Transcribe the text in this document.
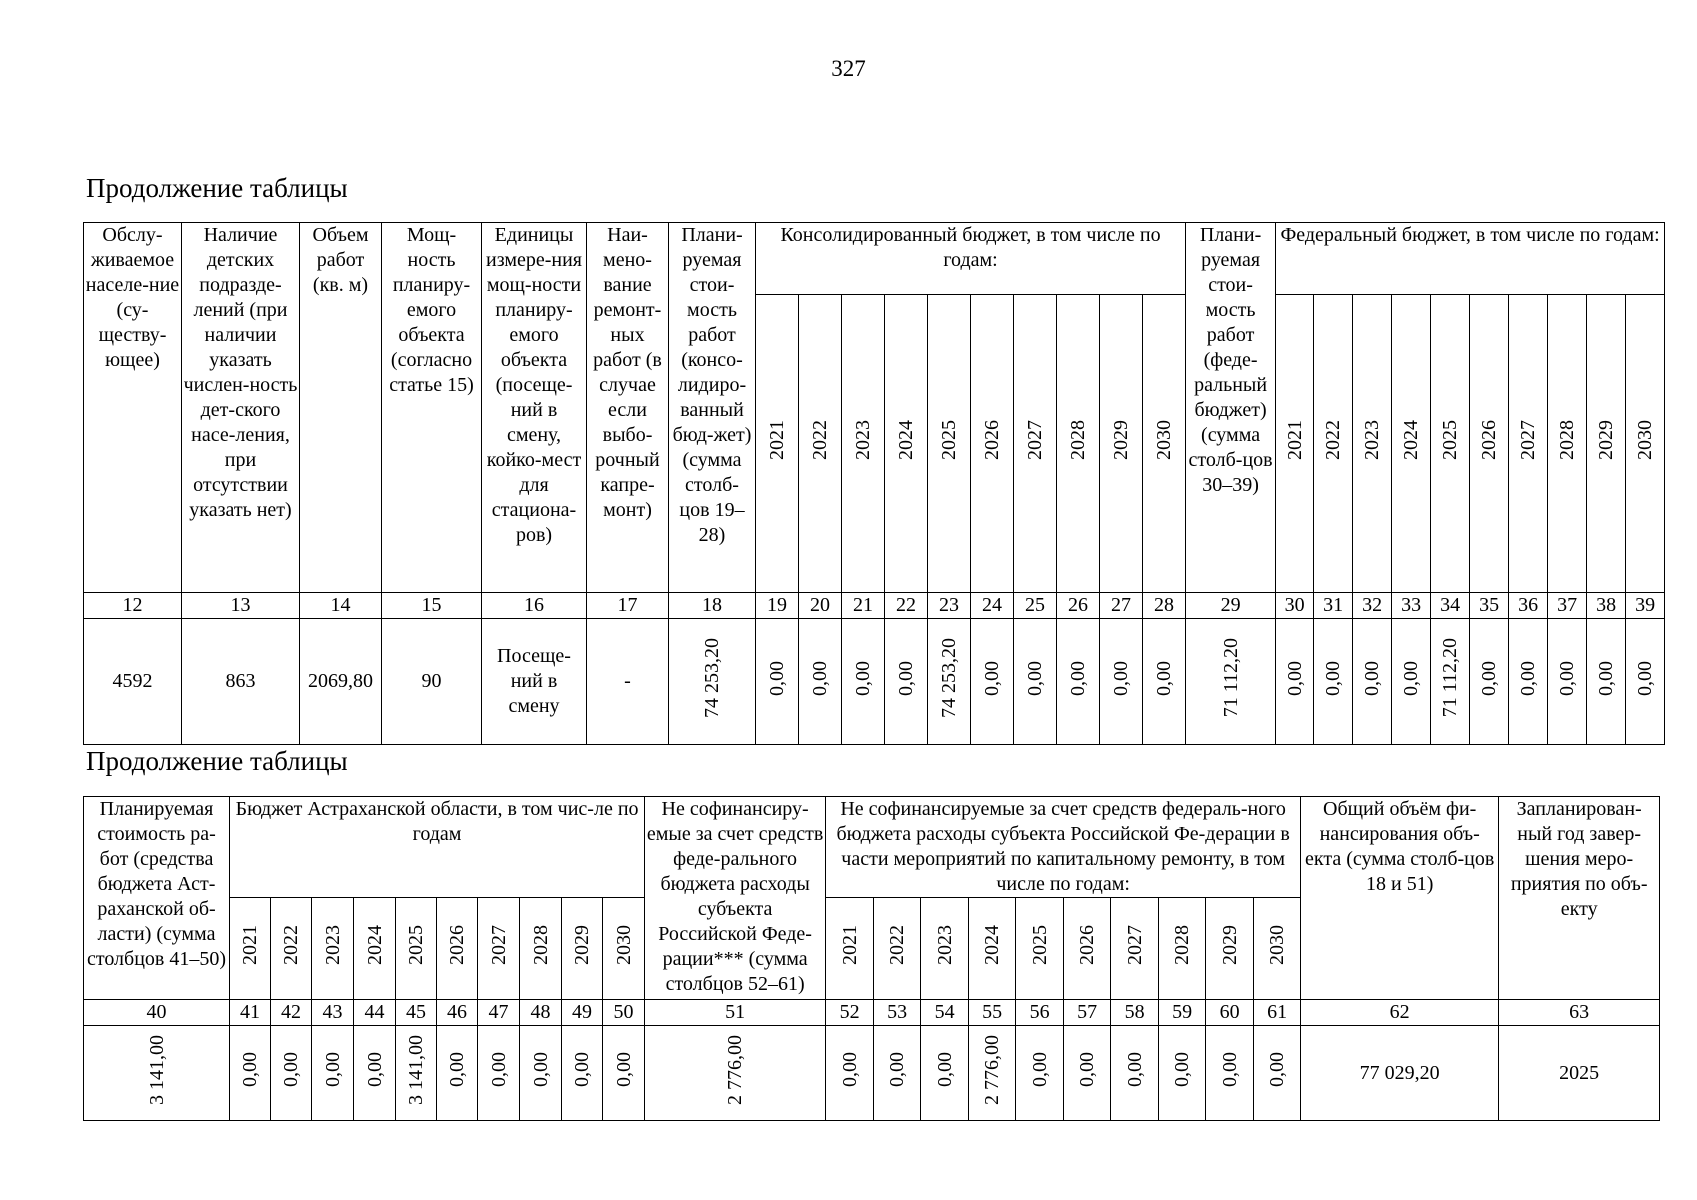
327
Продолжение таблицы
Обслу-живаемое населе-ние (су-ществу-ющее)	Наличие детских подразде-лений (при наличии указать числен-ность дет-ского насе-ления, при отсутствии указать нет)	Объем работ (кв. м)	Мощ-ность планиру-емого объекта (согласно статье 15)	Единицы измере-ния мощ-ности планиру-емого объекта (посеще-ний в смену, койко-мест для стациона-ров)	Наи-мено-вание ремонт-ных работ (в случае если выбо-рочный капре-монт)	Плани-руемая стои-мость работ (консо-лидиро-ванный бюд-жет) (сумма столб-цов 19–28)	Консолидированный бюджет, в том числе по годам:										Плани-руемая стои-мость работ (феде-ральный бюджет) (сумма столб-цов 30–39)	Федеральный бюджет, в том числе по годам:									
							2021	2022	2023	2024	2025	2026	2027	2028	2029	2030		2021	2022	2023	2024	2025	2026	2027	2028	2029	2030
12	13	14	15	16	17	18	19	20	21	22	23	24	25	26	27	28	29	30	31	32	33	34	35	36	37	38	39
4592	863	2069,80	90	Посеще-ний в смену	-	74 253,20	0,00	0,00	0,00	0,00	74 253,20	0,00	0,00	0,00	0,00	0,00	71 112,20	0,00	0,00	0,00	0,00	71 112,20	0,00	0,00	0,00	0,00	0,00
Продолжение таблицы
Планируемая стоимость ра-бот (средства бюджета Аст-раханской об-ласти) (сумма столбцов 41–50)	Бюджет Астраханской области, в том чис-ле по годам										Не софинансиру-емые за счет средств феде-рального бюджета расходы субъекта Российской Феде-рации*** (сумма столбцов 52–61)	Не софинансируемые за счет средств федераль-ного бюджета расходы субъекта Российской Фе-дерации в части мероприятий по капитальному ремонту, в том числе по годам:										Общий объём фи-нансирования объ-екта (сумма столб-цов 18 и 51)	Запланирован-ный год завер-шения меро-приятия по объ-екту
	2021	2022	2023	2024	2025	2026	2027	2028	2029	2030		2021	2022	2023	2024	2025	2026	2027	2028	2029	2030		
40	41	42	43	44	45	46	47	48	49	50	51	52	53	54	55	56	57	58	59	60	61	62	63
3 141,00	0,00	0,00	0,00	0,00	3 141,00	0,00	0,00	0,00	0,00	0,00	2 776,00	0,00	0,00	0,00	2 776,00	0,00	0,00	0,00	0,00	0,00	0,00	77 029,20	2025
